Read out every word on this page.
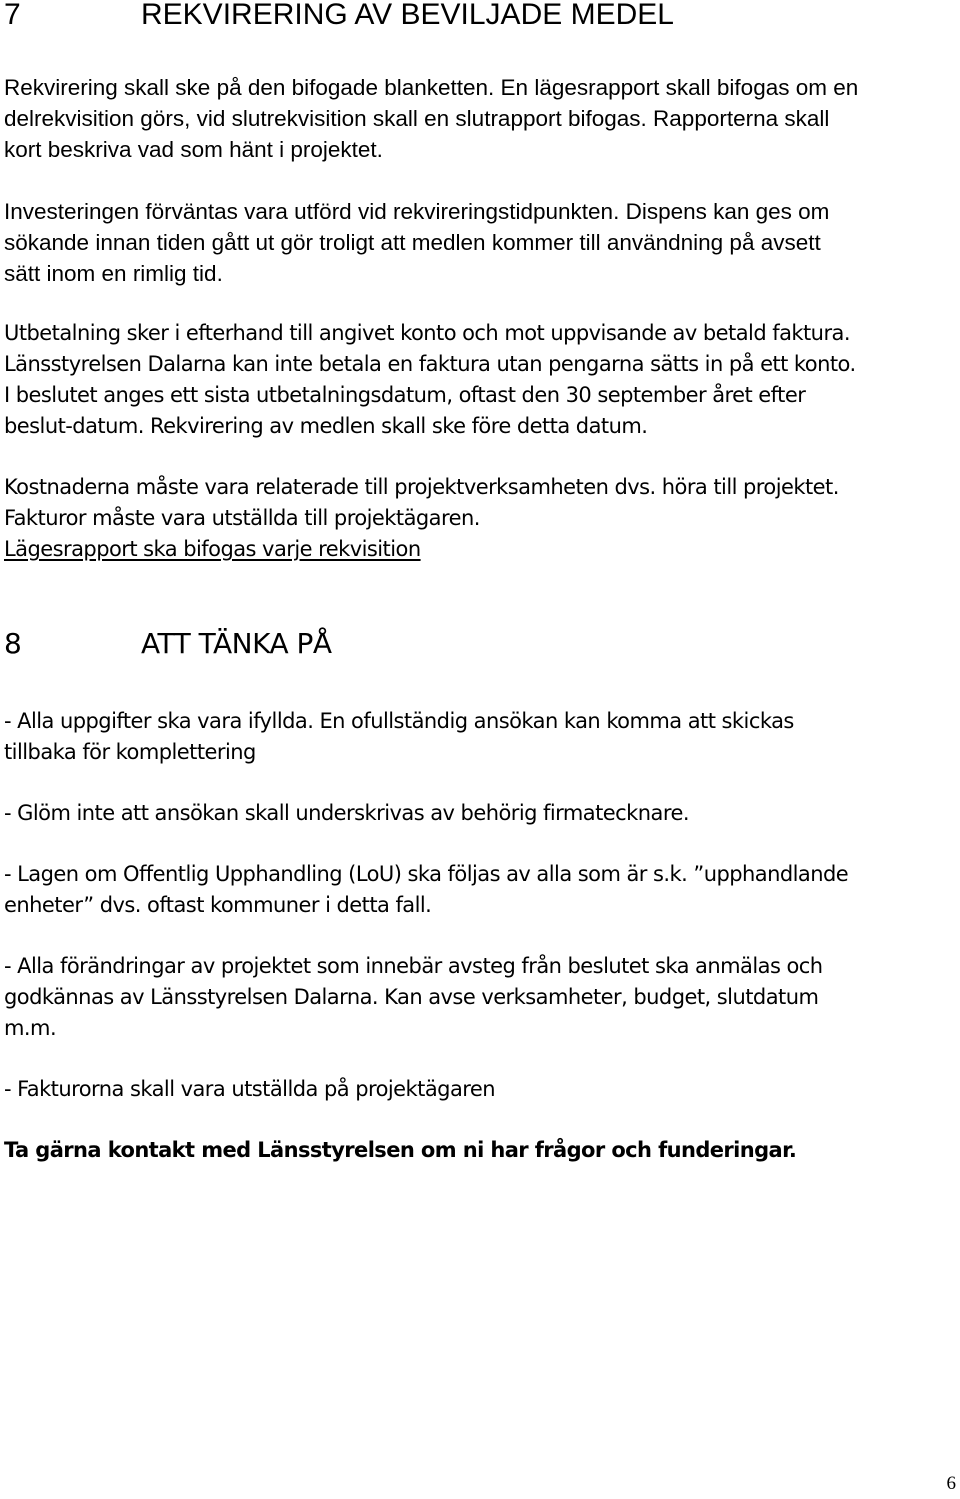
7	REKVIRERING AV BEVILJADE MEDEL

Rekvirering skall ske på den bifogade blanketten. En lägesrapport skall bifogas om en
delrekvisition görs, vid slutrekvisition skall en slutrapport bifogas. Rapporterna skall
kort beskriva vad som hänt i projektet.

Investeringen förväntas vara utförd vid rekvireringstidpunkten. Dispens kan ges om
sökande innan tiden gått ut gör troligt att medlen kommer till användning på avsett
sätt inom en rimlig tid.

Utbetalning sker i efterhand till angivet konto och mot uppvisande av betald faktura.
Länsstyrelsen Dalarna kan inte betala en faktura utan pengarna sätts in på ett konto.
I beslutet anges ett sista utbetalningsdatum, oftast den 30 september året efter
beslut-datum. Rekvirering av medlen skall ske före detta datum.

Kostnaderna måste vara relaterade till projektverksamheten dvs. höra till projektet.
Fakturor måste vara utställda till projektägaren.
Lägesrapport ska bifogas varje rekvisition

8	ATT TÄNKA PÅ

- Alla uppgifter ska vara ifyllda. En ofullständig ansökan kan komma att skickas
tillbaka för komplettering

- Glöm inte att ansökan skall underskrivas av behörig firmatecknare.

- Lagen om Offentlig Upphandling (LoU) ska följas av alla som är s.k. ”upphandlande
enheter” dvs. oftast kommuner i detta fall.

- Alla förändringar av projektet som innebär avsteg från beslutet ska anmälas och
godkännas av Länsstyrelsen Dalarna. Kan avse verksamheter, budget, slutdatum
m.m.

- Fakturorna skall vara utställda på projektägaren

Ta gärna kontakt med Länsstyrelsen om ni har frågor och funderingar.

6
